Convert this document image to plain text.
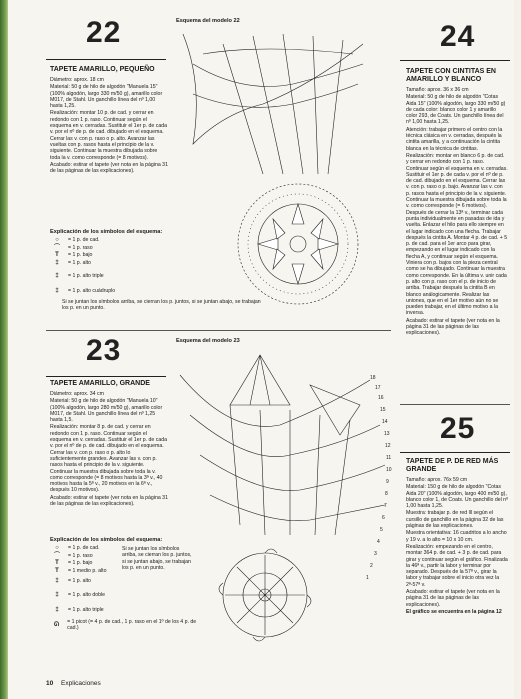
22
TAPETE AMARILLO, PEQUEÑO

Diámetro: aprox. 18 cm

Material: 50 g de hilo de algodón "Manuela 15" (100% algodón, largo 330 m/50 g), amarillo color M017, de Stahl. Un ganchillo línea del nº 1,00 hasta 1,25.

Realización: montar 10 p. de cad. y cerrar en redondo con 1 p. raso. Continuar según el esquema en v. cerradas. Sustituir el 1er p. de cada v. por el nº de p. de cad. dibujado en el esquema. Cerrar las v. con p. raso o p. alto. Avanzar las vueltas con p. rasos hasta el principio de la v. siguiente. Continuar la muestra dibujada sobre toda la v. como corresponde (= 8 motivos).

Acabado: estirar el tapete (ver nota en la página 31 de las páginas de las explicaciones).

Explicación de los símbolos del esquema:
○	= 1 p. de cad.
⌒	= 1 p. raso
T	= 1 p. bajo
‡	= 1 p. alto
‡	= 1 p. alto triple
‡	= 1 p. alto cuádruplo

Si se juntan los símbolos arriba, se cierran los p. juntos, si se juntan abajo, se trabajan los p. en un punto.

Esquema del modelo 22	24
TAPETE CON CINTITAS EN AMARILLO Y BLANCO

Tamaño: aprox. 36 x 36 cm

Material: 50 g de hilo de algodón "Cotas Aida 15" (100% algodón, largo 330 m/50 g) de cada color: blanco color 1 y amarillo color 293, de Coats. Un ganchillo línea del nº 1,00 hasta 1,25.

Atención: trabajar primero el centro con la técnica clásica en v. cerradas, después la cintita amarilla, y a continuación la cintita blanca en la técnica de cintitas.

Realización: montar en blanco 6 p. de cad. y cerrar en redondo con 1 p. raso. Continuar según el esquema en v. cerradas. Sustituir el 1er p. de cada v. por el nº de p. de cad. dibujado en el esquema. Cerrar las v. con p. raso o p. bajo. Avanzar las v. con p. rasos hasta el principio de la v. siguiente. Continuar la muestra dibujada sobre toda la v. como corresponde (= 6 motivos). Después de cerrar la 13ª v., terminar cada punta individualmente en pasadas de ida y vuelta. Enlazar el hilo para ello siempre en el lugar indicado con una flecha. Trabajar después la cintita A. Montar 4 p. de cad. + 5 p. de cad. para el 1er arco para girar, empezando en el lugar indicado con la flecha A, y continuar según el esquema. Viniera con p. bajos con la pieza central como se ha dibujado. Continuar la muestra como corresponde. En la última v. unir cada p. alto con p. raso con el p. de inicio de arriba. Trabajar después la cintita B en blanco análogicamente. Realizar las uniones, que en el 1er motivo aún no se pueden trabajar, en el último motivo a la inversa.

Acabado: estirar el tapete (ver nota en la página 31 de las páginas de las explicaciones).

23
TAPETE AMARILLO, GRANDE

Diámetro: aprox. 34 cm

Material: 50 g de hilo de algodón "Manuela 10" (100% algodón, largo 280 m/50 g), amarillo color M017, de Stahl. Un ganchillo línea del nº 1,25 hasta 1,5.

Realización: montar 8 p. de cad. y cerrar en redondo con 1 p. raso. Continuar según el esquema en v. cerradas. Sustituir el 1er p. de cada v. por el nº de p. de cad. dibujado en el esquema. Cerrar las v. con p. raso o p. alto lo suficientemente grandes. Avanzar las v. con p. rasos hasta el principio de la v. siguiente. Continuar la muestra dibujada sobre toda la v. como corresponde (= 8 motivos hasta la 3ª v., 40 motivos hasta la 5ª v., 20 motivos en la 6ª v., después 10 motivos).

Acabado: estirar el tapete (ver nota en la página 31 de las páginas de las explicaciones).

Explicación de los símbolos del esquema:
○	= 1 p. de cad.
⌒	= 1 p. raso
T	= 1 p. bajo
T	= 1 medio p. alto
‡	= 1 p. alto
‡	= 1 p. alto doble
‡	= 1 p. alto triple
ᘏ
= 1 picot (= 4 p. de cad., 1 p. raso en el 1º de los 4 p. de cad.)
Si se juntan los símbolos arriba, se cierran los p. juntos, si se juntan abajo, se trabajan los p. en un punto.
Esquema del modelo 23
18
17
16
15
14
13
12
11
10
9
8
7
6
5
4
3
2
1
25
TAPETE DE P. DE RED MÁS GRANDE

Tamaño: aprox. 76x 59 cm

Material: 150 g de hilo de algodón "Cotas Aida 20" (100% algodón, largo 400 m/50 g), blanco color 1, de Coats. Un ganchillo del nº 1,00 hasta 1,25.

Muestra: trabajar p. de red lll según el cursillo de ganchillo en la página 32 de las páginas de las explicaciones.

Muestra orientativa: 16 cuadritos a lo ancho y 19 v. a lo alto = 10 x 10 cm.

Realización: empezando en el centro, montar 364 p. de cad. + 3 p. de cad. para girar y continuar según el gráfico. Finalizada la 46ª v., partir la labor y terminar por separado. Después de la 57ª v., girar la labor y trabajar sobre el inicio otra vez la 2ª-57ª v.

Acabado: estirar el tapete (ver nota en la página 31 de las páginas de las explicaciones).

El gráfico se encuentra en la página 12

10 Explicaciones
